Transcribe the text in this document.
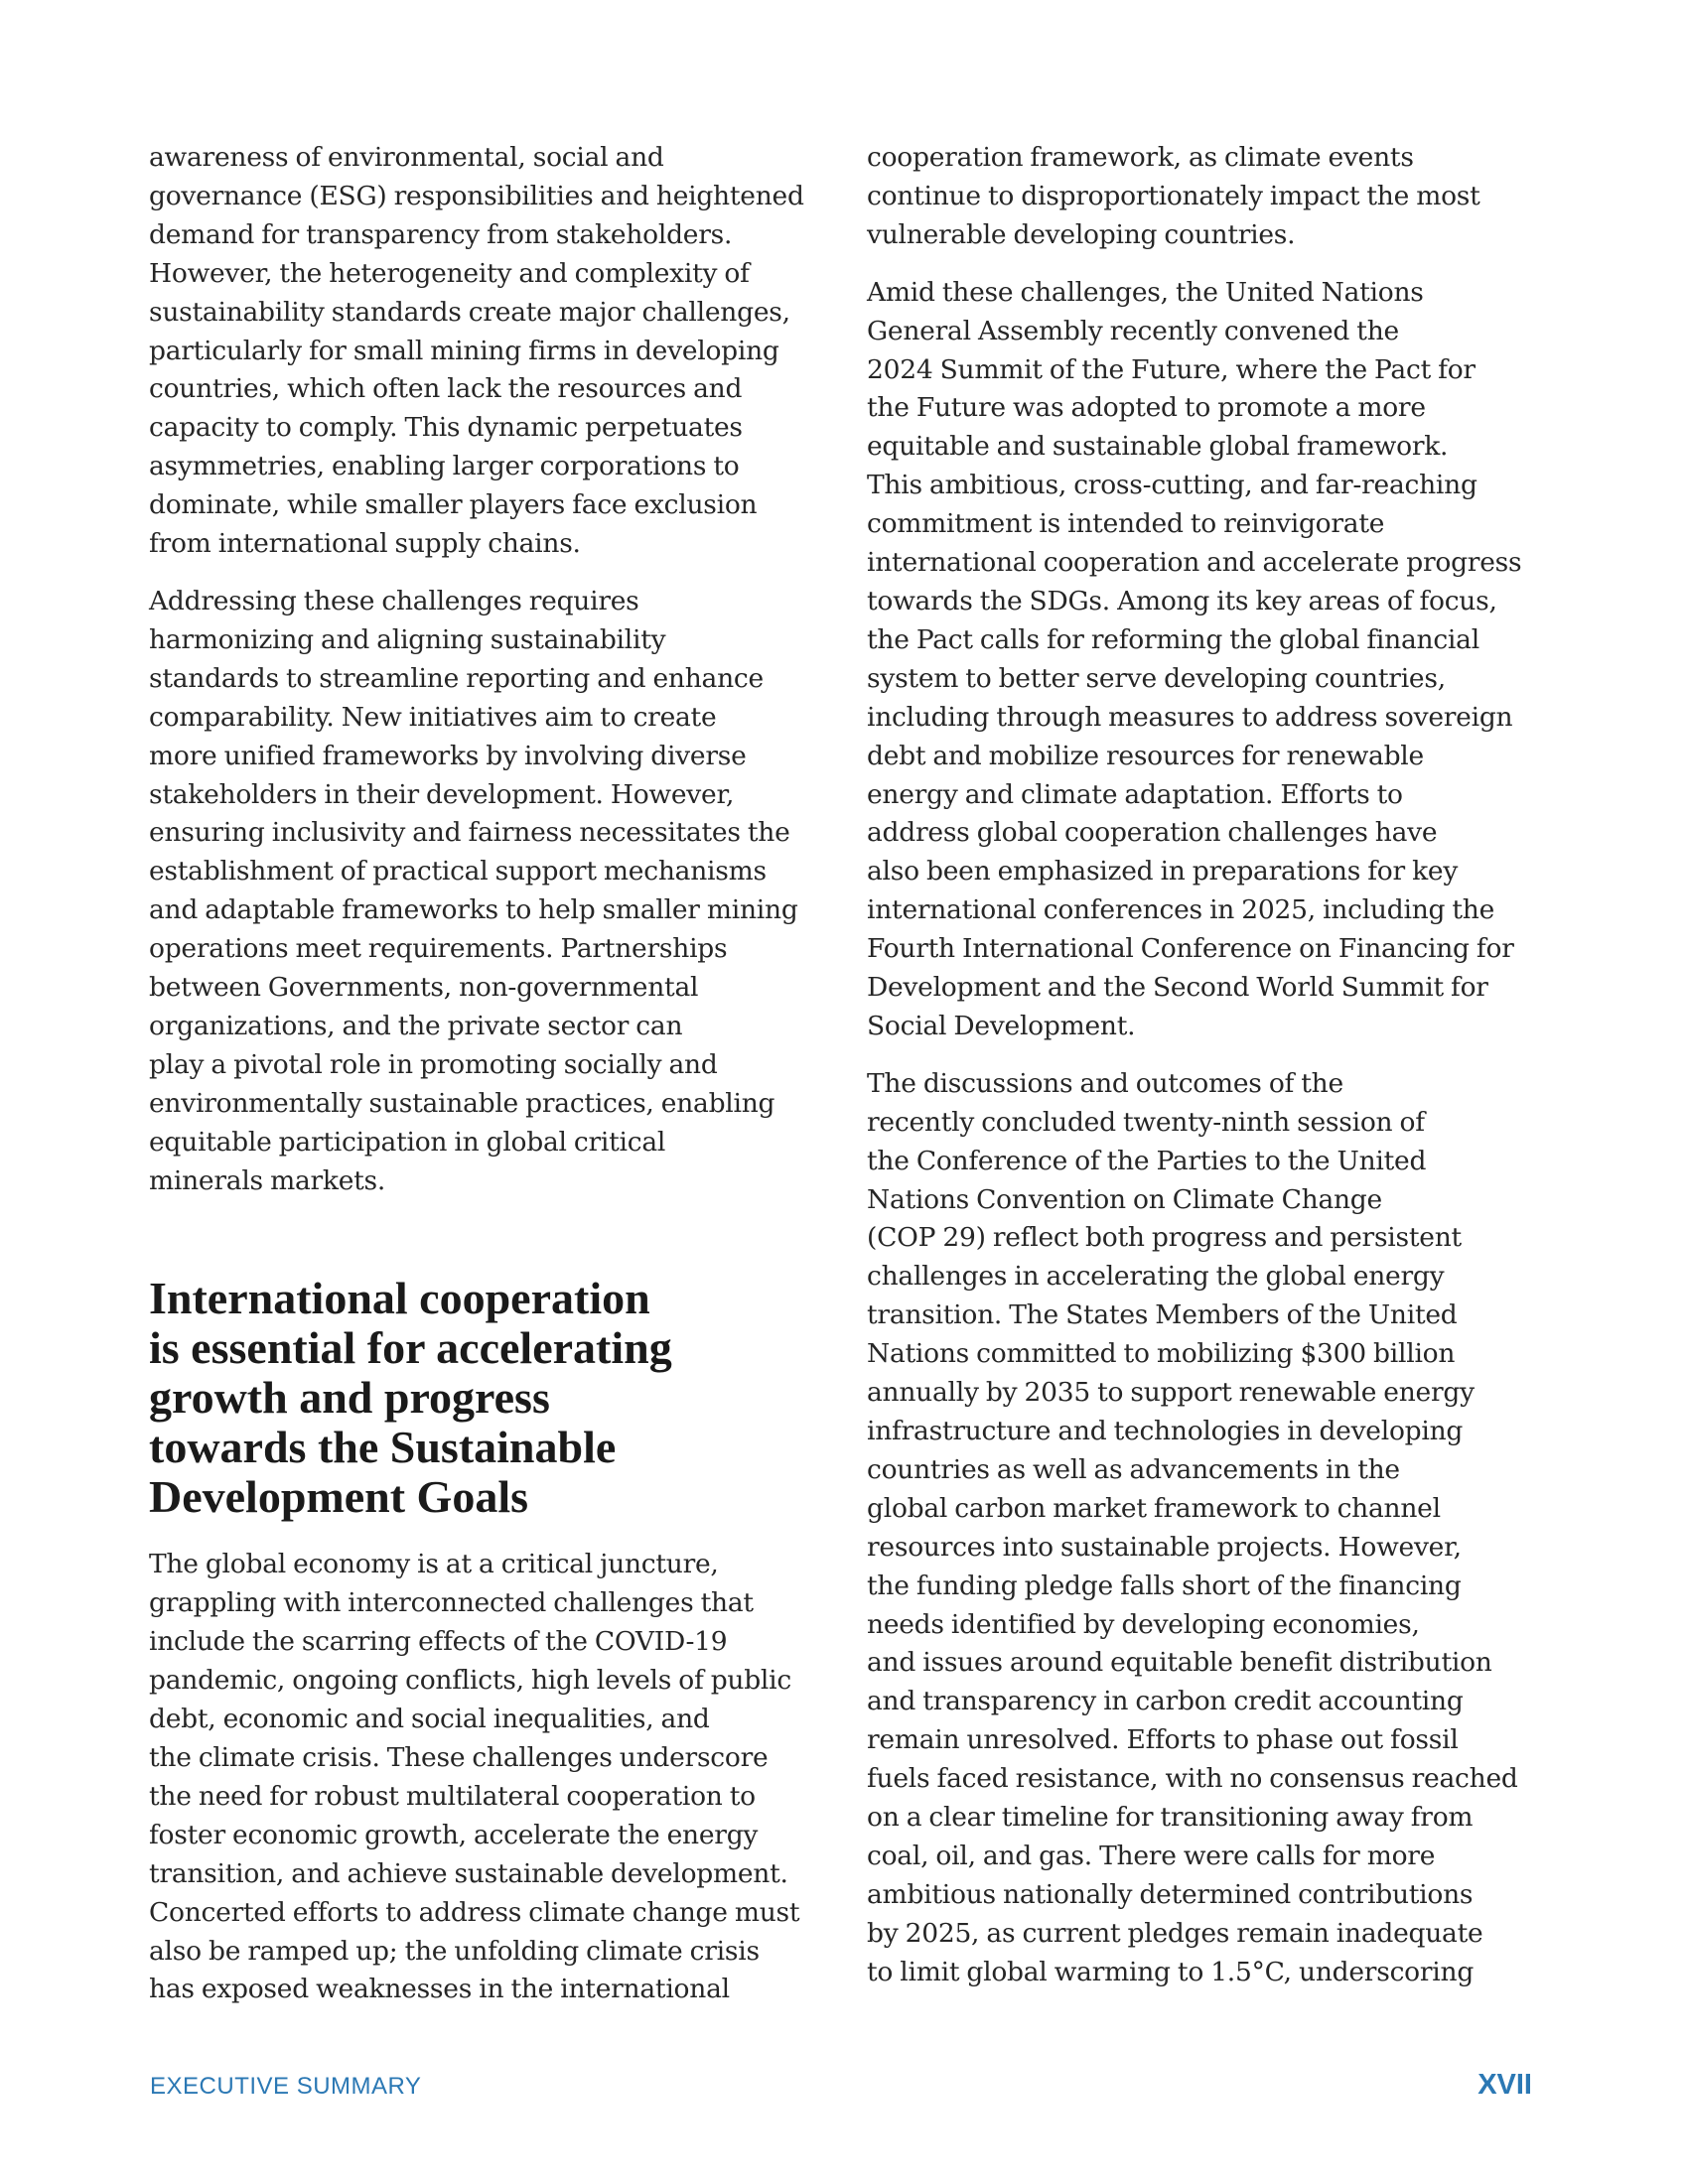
awareness of environmental, social and
governance (ESG) responsibilities and heightened
demand for transparency from stakeholders.
However, the heterogeneity and complexity of
sustainability standards create major challenges,
particularly for small mining firms in developing
countries, which often lack the resources and
capacity to comply. This dynamic perpetuates
asymmetries, enabling larger corporations to
dominate, while smaller players face exclusion
from international supply chains.

Addressing these challenges requires
harmonizing and aligning sustainability
standards to streamline reporting and enhance
comparability. New initiatives aim to create
more unified frameworks by involving diverse
stakeholders in their development. However,
ensuring inclusivity and fairness necessitates the
establishment of practical support mechanisms
and adaptable frameworks to help smaller mining
operations meet requirements. Partnerships
between Governments, non-governmental
organizations, and the private sector can
play a pivotal role in promoting socially and
environmentally sustainable practices, enabling
equitable participation in global critical
minerals markets.

International cooperation
is essential for accelerating
growth and progress
towards the Sustainable
Development Goals

The global economy is at a critical juncture,
grappling with interconnected challenges that
include the scarring effects of the COVID-19
pandemic, ongoing conflicts, high levels of public
debt, economic and social inequalities, and
the climate crisis. These challenges underscore
the need for robust multilateral cooperation to
foster economic growth, accelerate the energy
transition, and achieve sustainable development.
Concerted efforts to address climate change must
also be ramped up; the unfolding climate crisis
has exposed weaknesses in the international

cooperation framework, as climate events
continue to disproportionately impact the most
vulnerable developing countries.

Amid these challenges, the United Nations
General Assembly recently convened the
2024 Summit of the Future, where the Pact for
the Future was adopted to promote a more
equitable and sustainable global framework.
This ambitious, cross-cutting, and far-reaching
commitment is intended to reinvigorate
international cooperation and accelerate progress
towards the SDGs. Among its key areas of focus,
the Pact calls for reforming the global financial
system to better serve developing countries,
including through measures to address sovereign
debt and mobilize resources for renewable
energy and climate adaptation. Efforts to
address global cooperation challenges have
also been emphasized in preparations for key
international conferences in 2025, including the
Fourth International Conference on Financing for
Development and the Second World Summit for
Social Development.

The discussions and outcomes of the
recently concluded twenty-ninth session of
the Conference of the Parties to the United
Nations Convention on Climate Change
(COP 29) reflect both progress and persistent
challenges in accelerating the global energy
transition. The States Members of the United
Nations committed to mobilizing $300 billion
annually by 2035 to support renewable energy
infrastructure and technologies in developing
countries as well as advancements in the
global carbon market framework to channel
resources into sustainable projects. However,
the funding pledge falls short of the financing
needs identified by developing economies,
and issues around equitable benefit distribution
and transparency in carbon credit accounting
remain unresolved. Efforts to phase out fossil
fuels faced resistance, with no consensus reached
on a clear timeline for transitioning away from
coal, oil, and gas. There were calls for more
ambitious nationally determined contributions
by 2025, as current pledges remain inadequate
to limit global warming to 1.5°C, underscoring

EXECUTIVE SUMMARY	XVII
